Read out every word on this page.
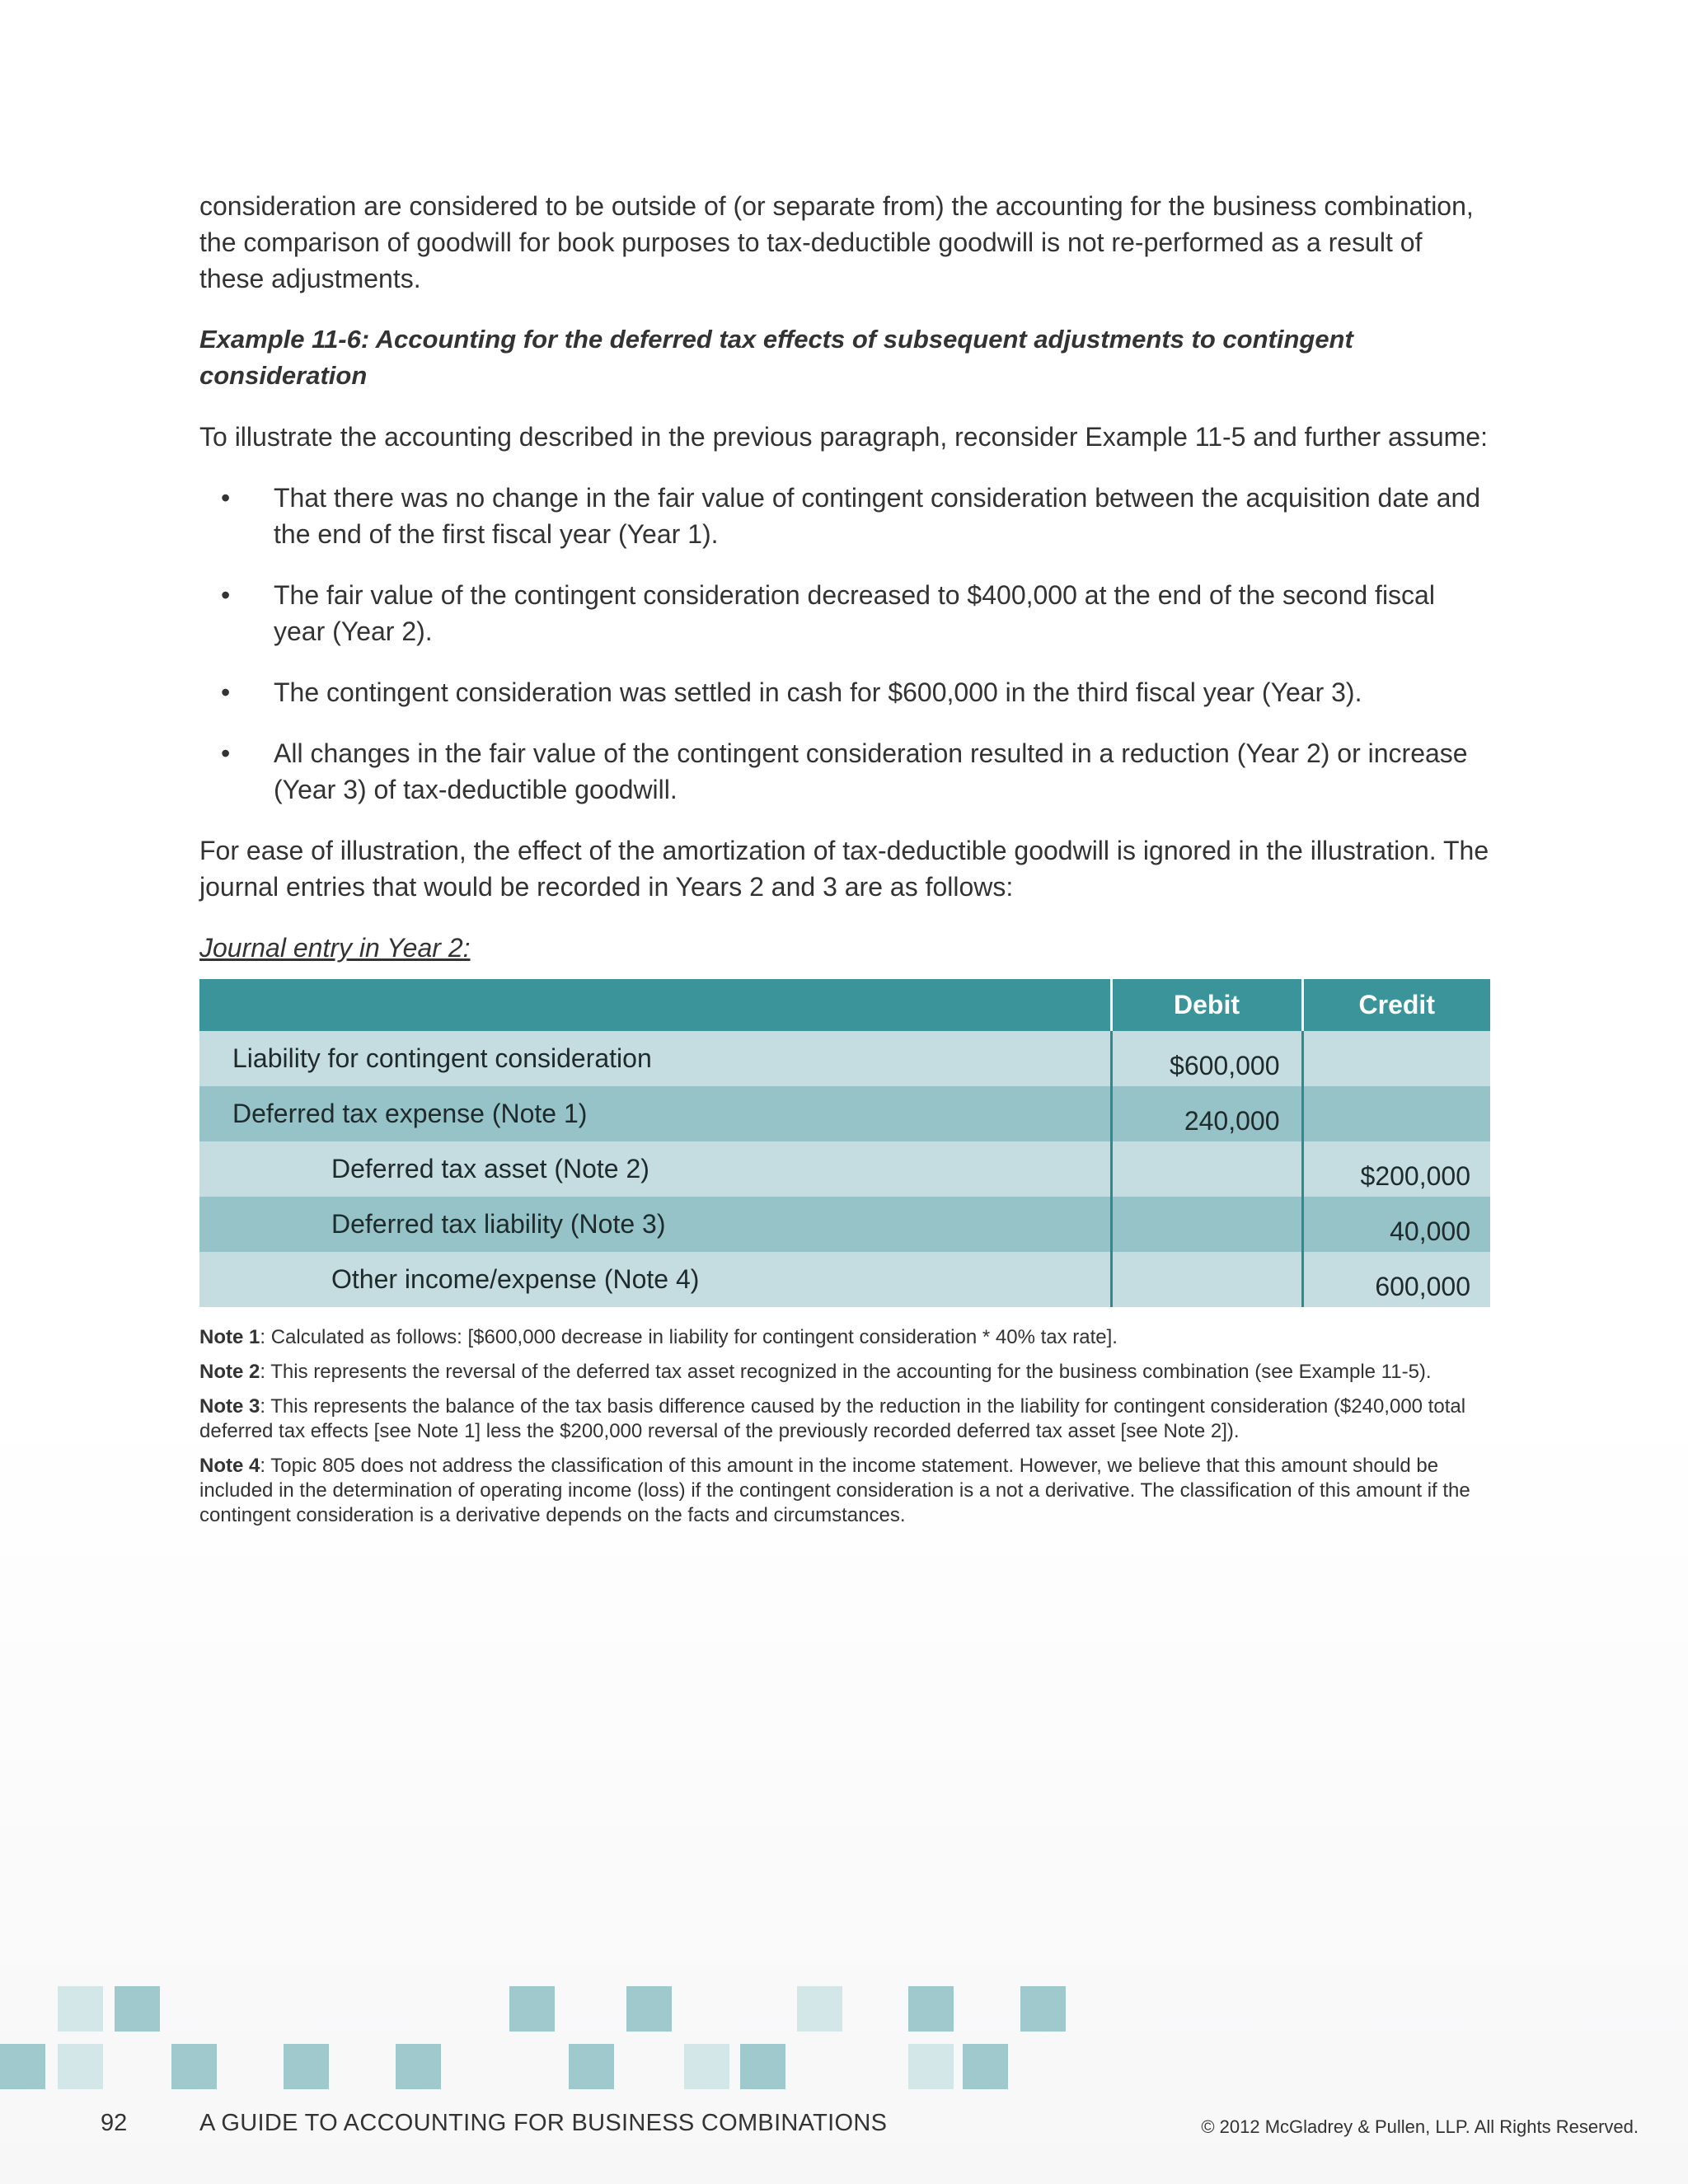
consideration are considered to be outside of (or separate from) the accounting for the business combination, the comparison of goodwill for book purposes to tax-deductible goodwill is not re-performed as a result of these adjustments.

Example 11-6: Accounting for the deferred tax effects of subsequent adjustments to contingent consideration

To illustrate the accounting described in the previous paragraph, reconsider Example 11-5 and further assume:

• That there was no change in the fair value of contingent consideration between the acquisition date and the end of the first fiscal year (Year 1).
• The fair value of the contingent consideration decreased to $400,000 at the end of the second fiscal year (Year 2).
• The contingent consideration was settled in cash for $600,000 in the third fiscal year (Year 3).
• All changes in the fair value of the contingent consideration resulted in a reduction (Year 2) or increase (Year 3) of tax-deductible goodwill.

For ease of illustration, the effect of the amortization of tax-deductible goodwill is ignored in the illustration. The journal entries that would be recorded in Years 2 and 3 are as follows:

Journal entry in Year 2:

	Debit	Credit
Liability for contingent consideration	$600,000	
Deferred tax expense (Note 1)	240,000	
Deferred tax asset (Note 2)		$200,000
Deferred tax liability (Note 3)		40,000
Other income/expense (Note 4)		600,000

Note 1: Calculated as follows: [$600,000 decrease in liability for contingent consideration * 40% tax rate].

Note 2: This represents the reversal of the deferred tax asset recognized in the accounting for the business combination (see Example 11-5).

Note 3: This represents the balance of the tax basis difference caused by the reduction in the liability for contingent consideration ($240,000 total deferred tax effects [see Note 1] less the $200,000 reversal of the previously recorded deferred tax asset [see Note 2]).

Note 4: Topic 805 does not address the classification of this amount in the income statement. However, we believe that this amount should be included in the determination of operating income (loss) if the contingent consideration is a not a derivative. The classification of this amount if the contingent consideration is a derivative depends on the facts and circumstances.

92	A GUIDE TO ACCOUNTING FOR BUSINESS COMBINATIONS	© 2012 McGladrey & Pullen, LLP. All Rights Reserved.
